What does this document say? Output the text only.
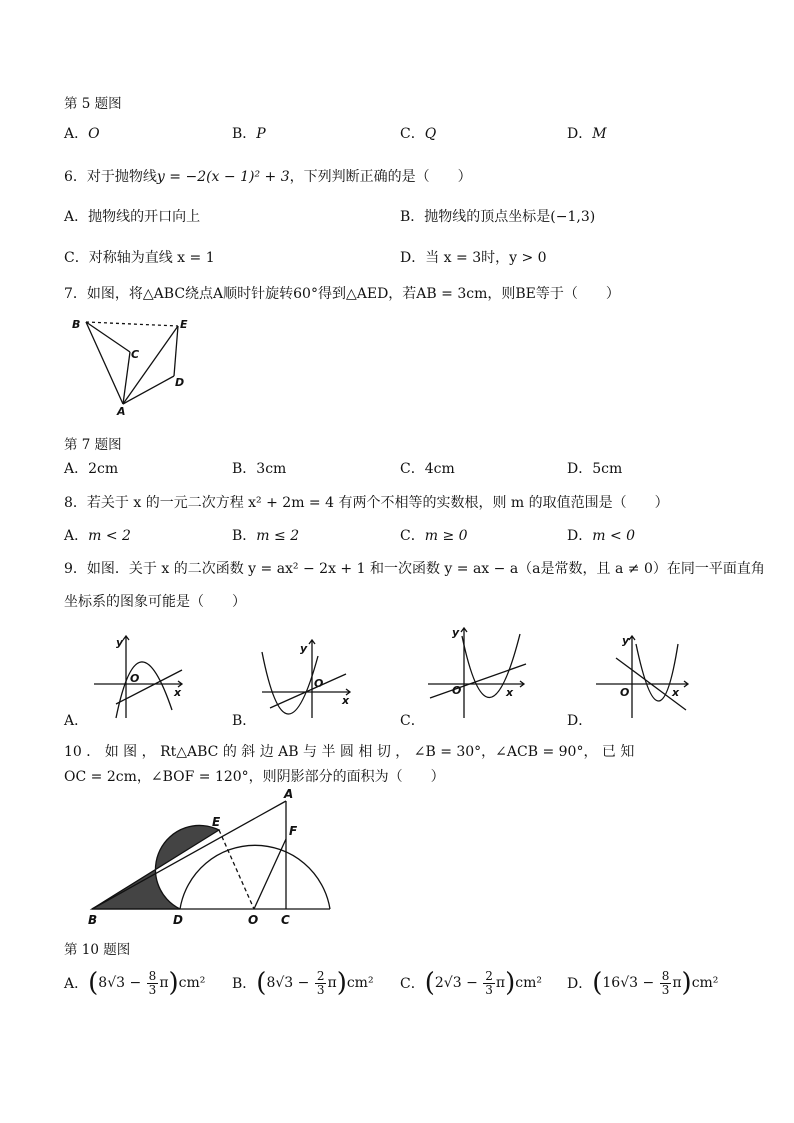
第 5 题图
A．O	B．P	C．Q	D．M
6．对于抛物线y = −2(x − 1)² + 3，下列判断正确的是（　　）
A．抛物线的开口向上	B．抛物线的顶点坐标是(−1,3)
C．对称轴为直线 x = 1	D．当 x = 3时，y > 0
7．如图，将△ABC绕点A顺时针旋转60°得到△AED，若AB = 3cm，则BE等于（　　）
B	E
C
D
A
第 7 题图
A．2cm	B．3cm	C．4cm	D．5cm
8．若关于 x 的一元二次方程 x² + 2m = 4 有两个不相等的实数根，则 m 的取值范围是（　　）
A．m < 2	B．m ≤ 2	C．m ≥ 0	D．m < 0
9．如图．关于 x 的二次函数 y = ax² − 2x + 1 和一次函数 y = ax − a（a是常数，且 a ≠ 0）在同一平面直角
坐标系的图象可能是（　　）
y
x
O
y
x
O
y
x
O
y
x
O
A．	B．	C．	D．
10 ． 如 图 ， Rt△ABC 的 斜 边 AB 与 半 圆 相 切 ， ∠B = 30°，∠ACB = 90°， 已 知
OC = 2cm，∠BOF = 120°，则阴影部分的面积为（　　）
A
E
F
B	D	O C
第 10 题图
A． ( $8√3 - \frac{8}{3}$ π ) cm² B． ( $8√3 - \frac{2}{3}$ π ) cm² C． ( $2√3 - \frac{2}{3}$ π ) cm² D． ( $16√3 - \frac{8}{3}$ π ) cm²
